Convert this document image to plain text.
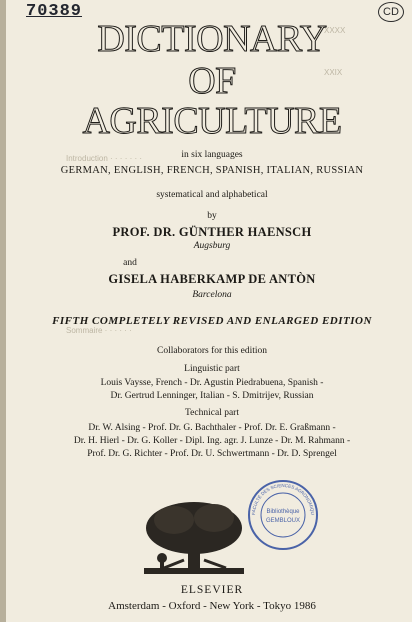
XXXX
XXIX
Introduction · · · · · · ·
Sommaire · · · · · ·
70389	CD
DICTIONARY
OF
AGRICULTURE
in six languages
GERMAN, ENGLISH, FRENCH, SPANISH, ITALIAN, RUSSIAN
systematical and alphabetical
by
PROF. DR. GÜNTHER HAENSCH
Augsburg
and
GISELA HABERKAMP DE ANTÒN
Barcelona
FIFTH COMPLETELY REVISED AND ENLARGED EDITION
Collaborators for this edition
Linguistic part
Louis Vaysse, French - Dr. Agustin Piedrabuena, Spanish -
Dr. Gertrud Lenninger, Italian - S. Dmitrijev, Russian
Technical part
Dr. W. Alsing - Prof. Dr. G. Bachthaler - Prof. Dr. E. Graßmann -
Dr. H. Hierl - Dr. G. Koller - Dipl. Ing. agr. J. Lunze - Dr. M. Rahmann -
Prof. Dr. G. Richter - Prof. Dr. U. Schwertmann - Dr. D. Sprengel
Bibliothèque
GEMBLOUX
FACULTÉ DES SCIENCES AGRONOMIQU
ELSEVIER
Amsterdam - Oxford - New York - Tokyo 1986
